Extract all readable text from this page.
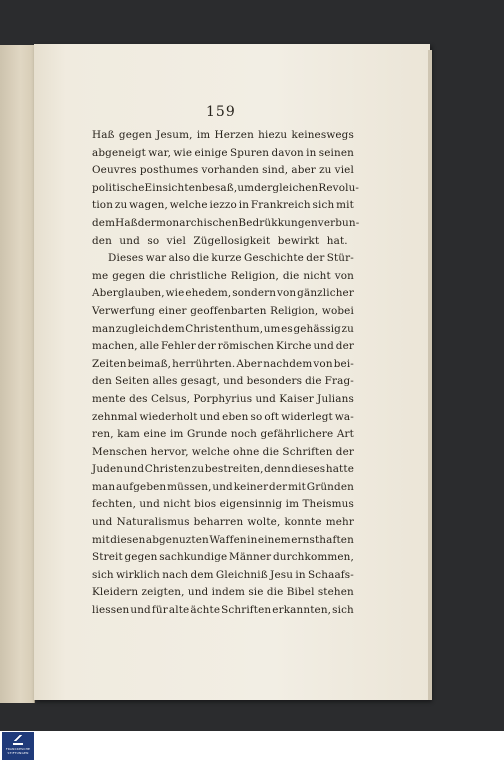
159
Haß gegen Jesum, im Herzen hiezu keineswegs
abgeneigt war, wie einige Spuren davon in seinen
Oeuvres posthumes vorhanden sind, aber zu viel
politische Einsichten besaß, um dergleichen Revolu-
tion zu wagen, welche iezzo in Frankreich sich mit
dem Haß der monarchischen Bedrükkungen verbun-
den und so viel Zügellosigkeit bewirkt hat.
Dieses war also die kurze Geschichte der Stür-
me gegen die christliche Religion, die nicht von
Aberglauben, wie ehedem, sondern von gänzlicher
Verwerfung einer geoffenbarten Religion, wobei
man zugleich dem Christenthum, um es gehässig zu
machen, alle Fehler der römischen Kirche und der
Zeiten beimaß, herrührten. Aber nachdem von bei-
den Seiten alles gesagt, und besonders die Frag-
mente des Celsus, Porphyrius und Kaiser Julians
zehnmal wiederholt und eben so oft widerlegt wa-
ren, kam eine im Grunde noch gefährlichere Art
Menschen hervor, welche ohne die Schriften der
Juden und Christen zu bestreiten, denn dieses hatte
man aufgeben müssen, und keiner der mit Gründen
fechten, und nicht bios eigensinnig im Theismus
und Naturalismus beharren wolte, konnte mehr
mit diesen abgenuzten Waffen in einem ernsthaften
Streit gegen sachkundige Männer durchkommen,
sich wirklich nach dem Gleichniß Jesu in Schaafs-
Kleidern zeigten, und indem sie die Bibel stehen
liessen und für alte ächte Schriften erkannten, sich
FRANCKESCHE STIFTUNGEN
